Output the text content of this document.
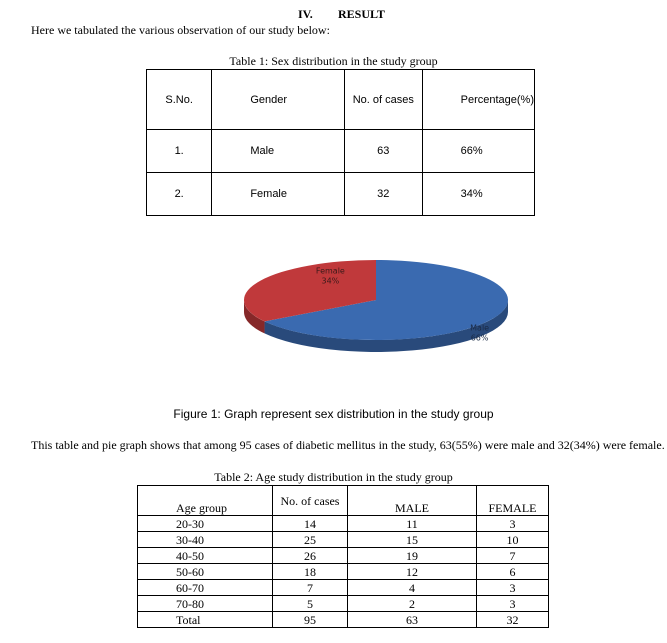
IV. RESULT
Here we tabulated the various observation of our study below:
Table 1: Sex distribution in the study group
S.No.	Gender	No. of cases	Percentage(%)
1.	Male	63	66%
2.	Female	32	34%
Male
66%
Female
34%
Figure 1: Graph represent sex distribution in the study group
This table and pie graph shows that among 95 cases of diabetic mellitus in the study, 63(55%) were male and 32(34%) were female.
Table 2: Age study distribution in the study group
Age group	No. of cases	MALE	FEMALE
20-30	14	11	3
30-40	25	15	10
40-50	26	19	7
50-60	18	12	6
60-70	7	4	3
70-80	5	2	3
Total	95	63	32
